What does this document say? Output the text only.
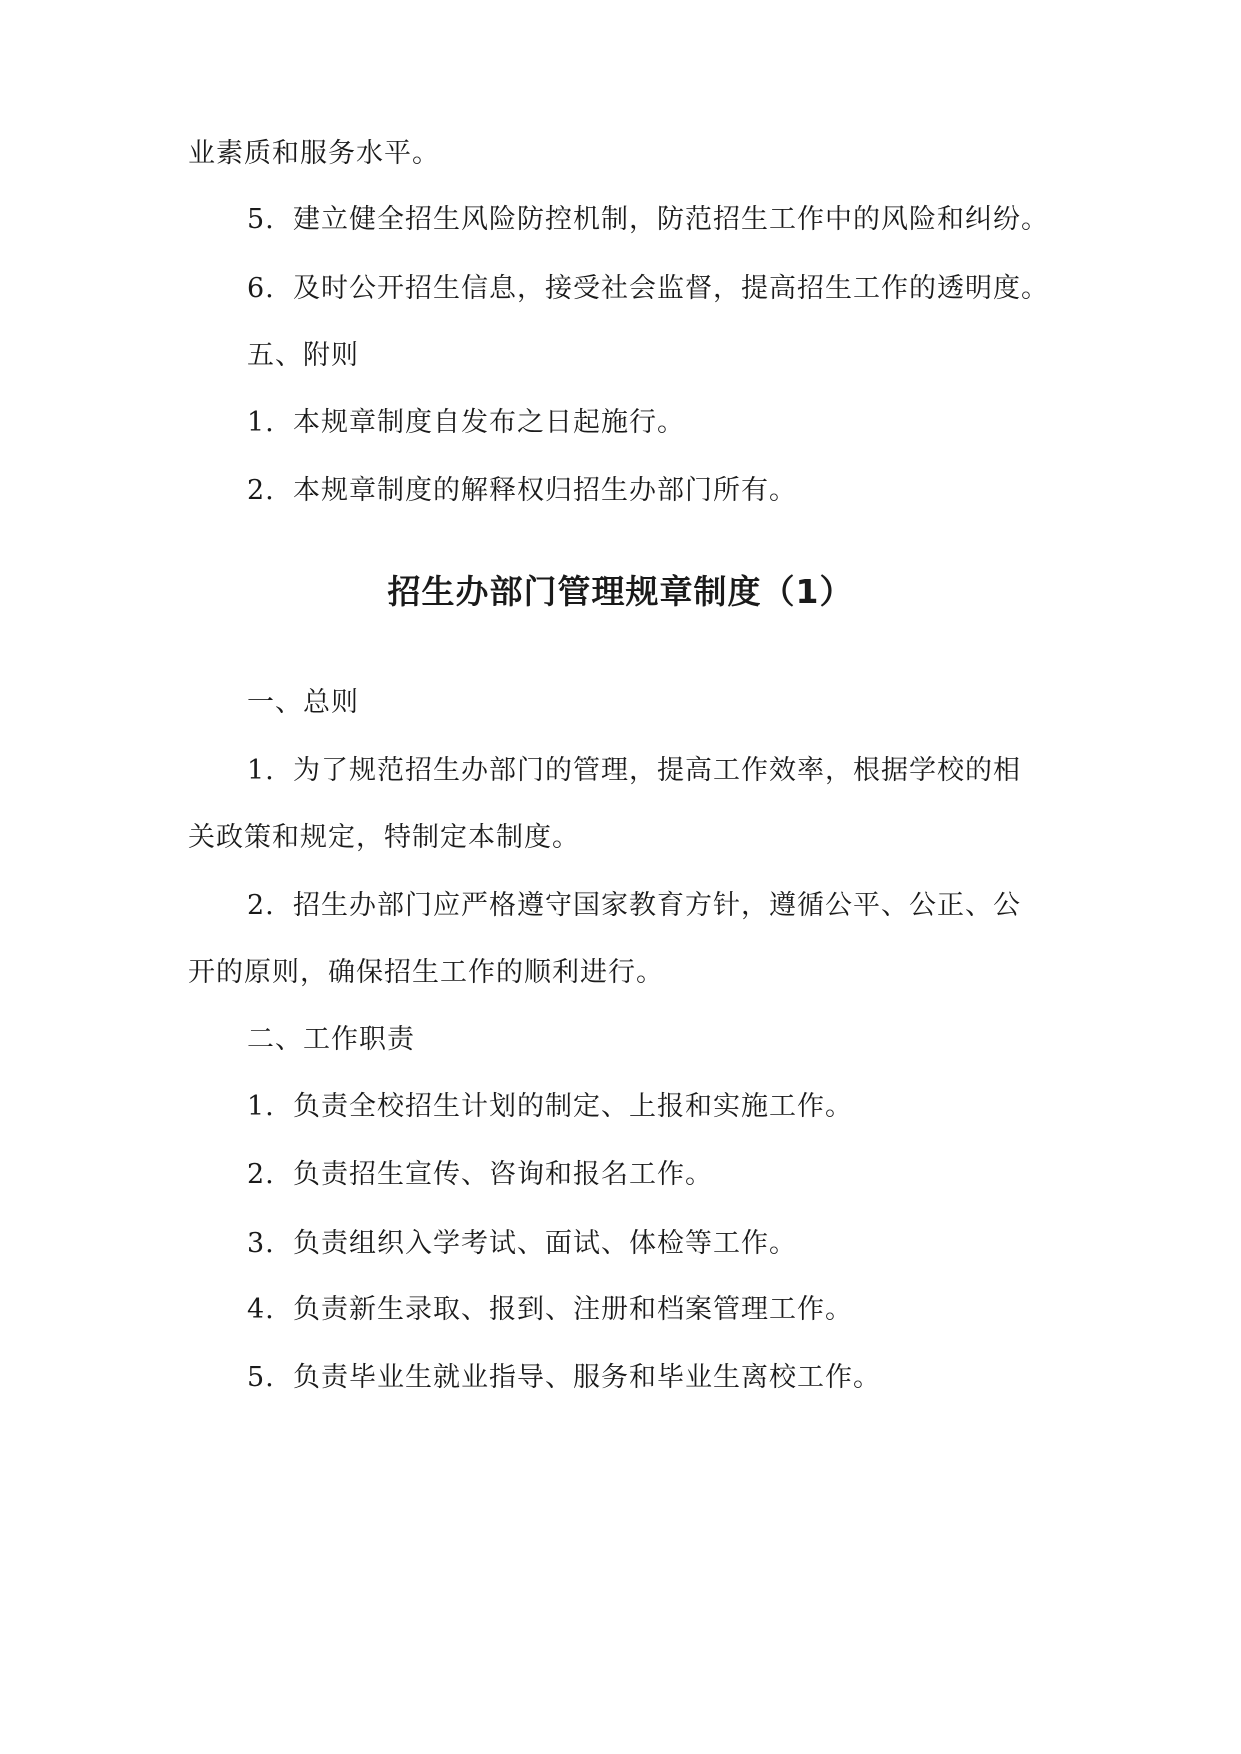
业素质和服务水平。
5. 建立健全招生风险防控机制，防范招生工作中的风险和纠纷。
6. 及时公开招生信息，接受社会监督，提高招生工作的透明度。
五、附则
1. 本规章制度自发布之日起施行。
2. 本规章制度的解释权归招生办部门所有。
招生办部门管理规章制度（1）
一、总则
1. 为了规范招生办部门的管理，提高工作效率，根据学校的相
关政策和规定，特制定本制度。
2. 招生办部门应严格遵守国家教育方针，遵循公平、公正、公
开的原则，确保招生工作的顺利进行。
二、工作职责
1. 负责全校招生计划的制定、上报和实施工作。
2. 负责招生宣传、咨询和报名工作。
3. 负责组织入学考试、面试、体检等工作。
4. 负责新生录取、报到、注册和档案管理工作。
5. 负责毕业生就业指导、服务和毕业生离校工作。
